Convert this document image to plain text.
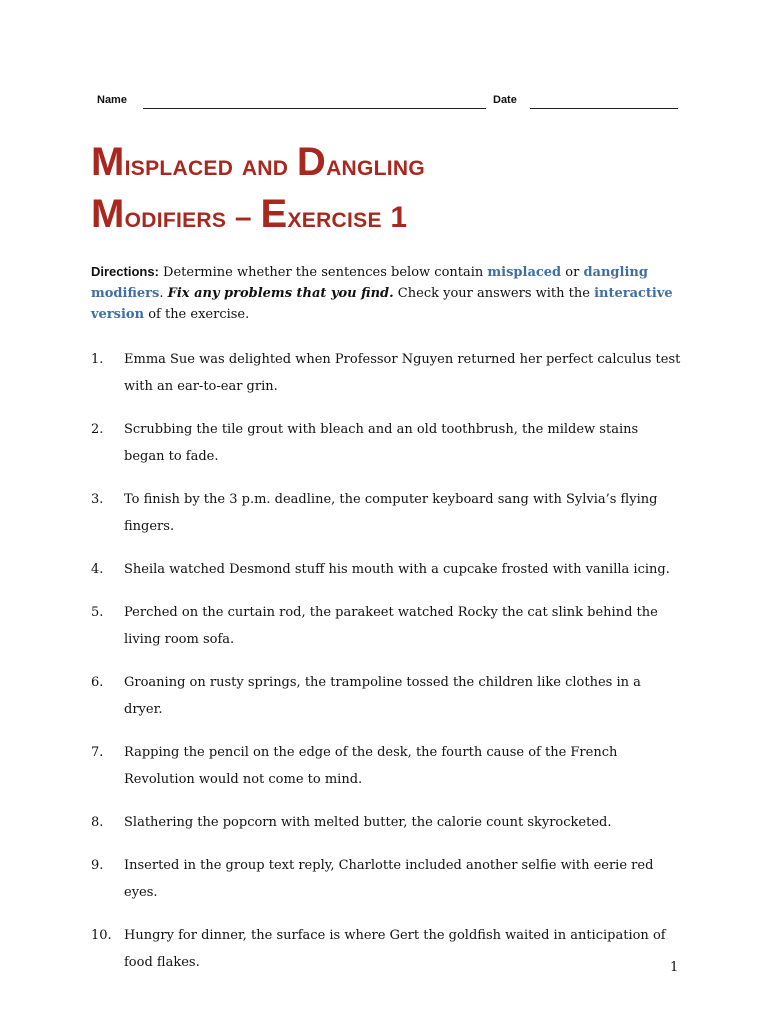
Name	Date
Misplaced and Dangling
Modifiers – Exercise 1
Directions: Determine whether the sentences below contain misplaced or dangling modifiers. Fix any problems that you find. Check your answers with the interactive version of the exercise.
1. Emma Sue was delighted when Professor Nguyen returned her perfect calculus test with an ear-to-ear grin.
2. Scrubbing the tile grout with bleach and an old toothbrush, the mildew stains began to fade.
3. To finish by the 3 p.m. deadline, the computer keyboard sang with Sylvia’s flying fingers.
4. Sheila watched Desmond stuff his mouth with a cupcake frosted with vanilla icing.
5. Perched on the curtain rod, the parakeet watched Rocky the cat slink behind the living room sofa.
6. Groaning on rusty springs, the trampoline tossed the children like clothes in a dryer.
7. Rapping the pencil on the edge of the desk, the fourth cause of the French Revolution would not come to mind.
8. Slathering the popcorn with melted butter, the calorie count skyrocketed.
9. Inserted in the group text reply, Charlotte included another selfie with eerie red eyes.
10. Hungry for dinner, the surface is where Gert the goldfish waited in anticipation of food flakes.	1
